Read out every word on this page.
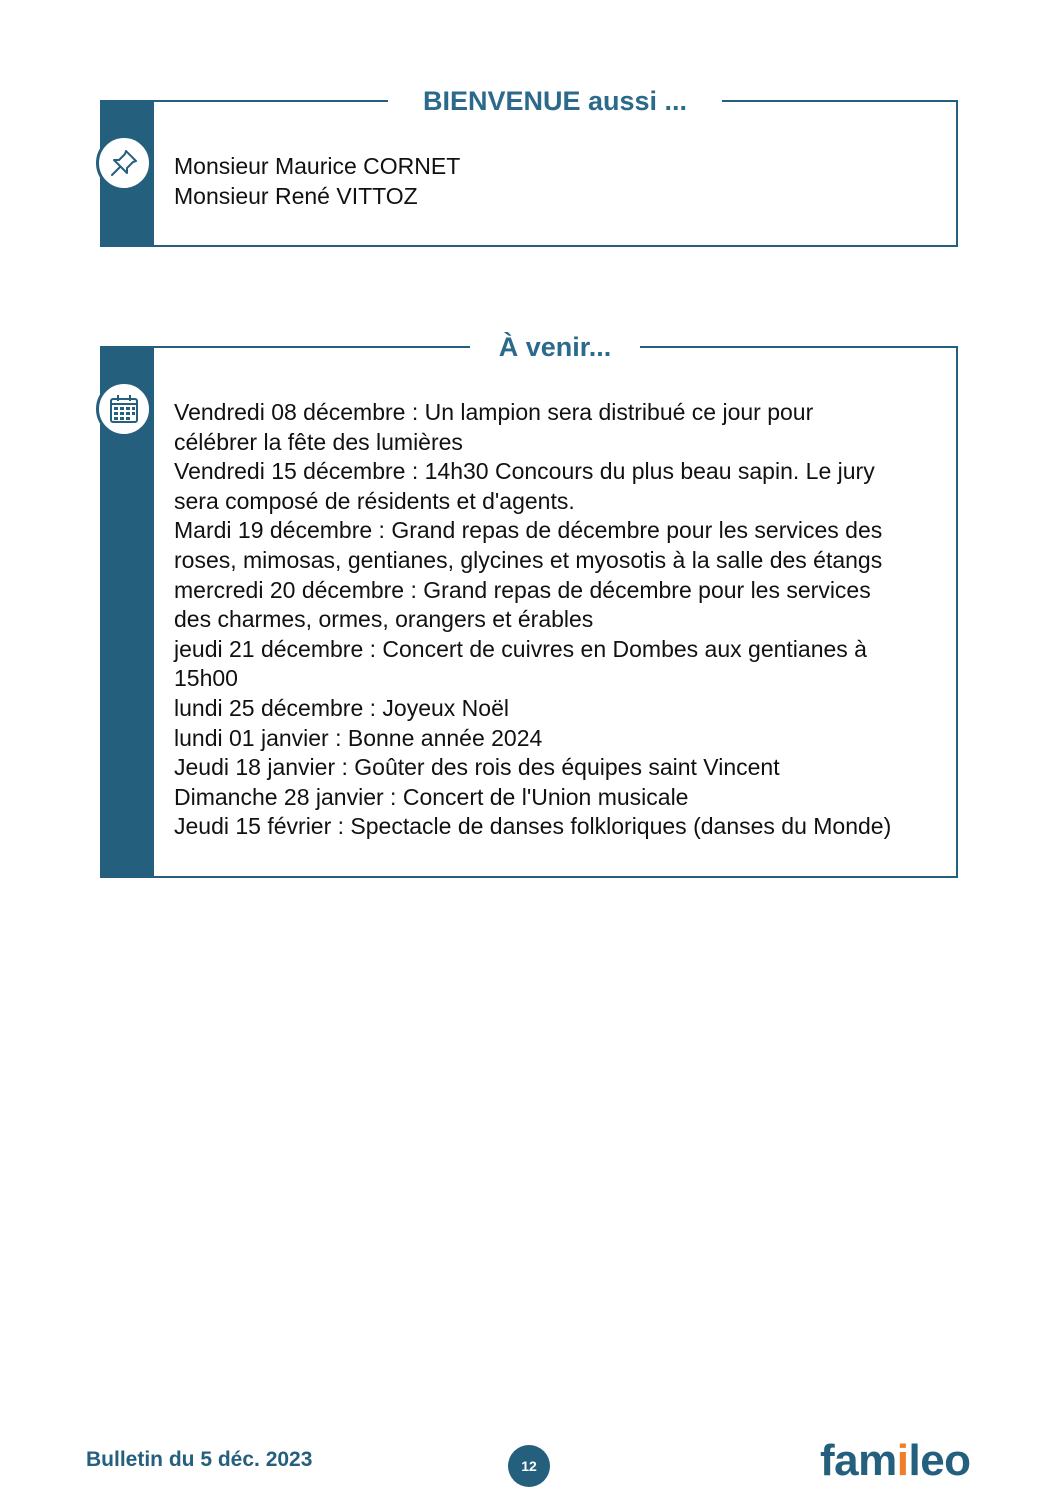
Monsieur Maurice CORNET
Monsieur René VITTOZ
BIENVENUE aussi ...
Vendredi 08 décembre : Un lampion sera distribué ce jour pour
célébrer la fête des lumières
Vendredi 15 décembre : 14h30 Concours du plus beau sapin. Le jury
sera composé de résidents et d'agents.
Mardi 19 décembre : Grand repas de décembre pour les services des
roses, mimosas, gentianes, glycines et myosotis à la salle des étangs
mercredi 20 décembre : Grand repas de décembre pour les services
des charmes, ormes, orangers et érables
jeudi 21 décembre : Concert de cuivres en Dombes aux gentianes à
15h00
lundi 25 décembre : Joyeux Noël
lundi 01 janvier : Bonne année 2024
Jeudi 18 janvier : Goûter des rois des équipes saint Vincent
Dimanche 28 janvier : Concert de l'Union musicale
Jeudi 15 février : Spectacle de danses folkloriques (danses du Monde)
À venir...
Bulletin du 5 déc. 2023	12	famileo
